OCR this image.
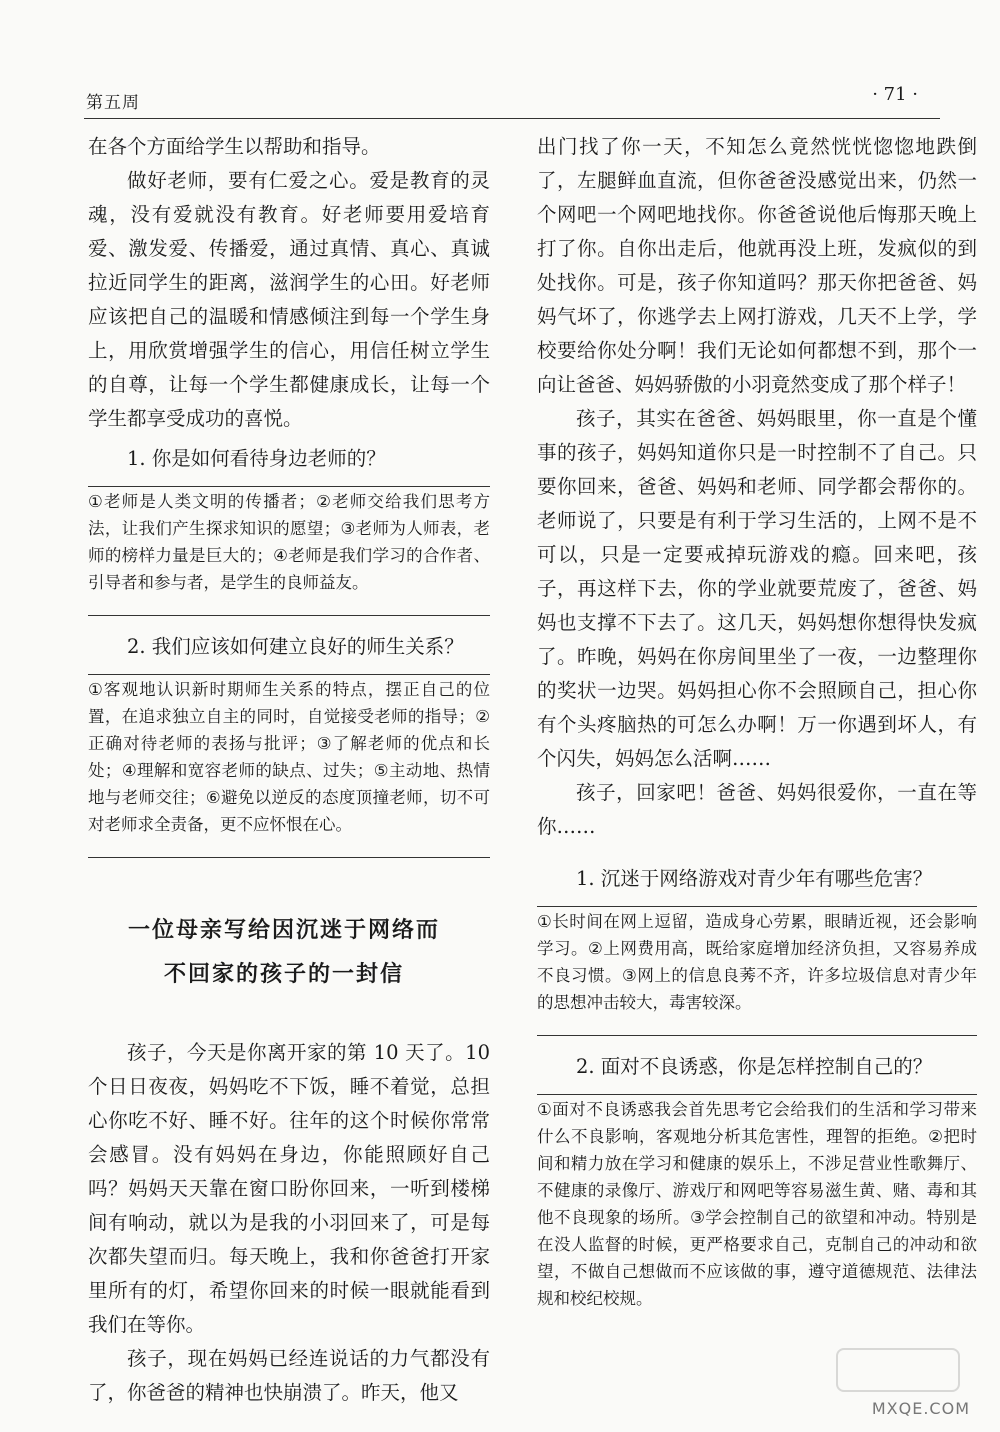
第五周	· 71 ·

在各个方面给学生以帮助和指导。

做好老师，要有仁爱之心。爱是教育的灵魂，没有爱就没有教育。好老师要用爱培育爱、激发爱、传播爱，通过真情、真心、真诚拉近同学生的距离，滋润学生的心田。好老师应该把自己的温暖和情感倾注到每一个学生身上，用欣赏增强学生的信心，用信任树立学生的自尊，让每一个学生都健康成长，让每一个学生都享受成功的喜悦。

1. 你是如何看待身边老师的？

①老师是人类文明的传播者；②老师交给我们思考方法，让我们产生探求知识的愿望；③老师为人师表，老师的榜样力量是巨大的；④老师是我们学习的合作者、引导者和参与者，是学生的良师益友。

2. 我们应该如何建立良好的师生关系？

①客观地认识新时期师生关系的特点，摆正自己的位置，在追求独立自主的同时，自觉接受老师的指导；②正确对待老师的表扬与批评；③了解老师的优点和长处；④理解和宽容老师的缺点、过失；⑤主动地、热情地与老师交往；⑥避免以逆反的态度顶撞老师，切不可对老师求全责备，更不应怀恨在心。

一位母亲写给因沉迷于网络而
不回家的孩子的一封信

孩子，今天是你离开家的第 10 天了。10 个日日夜夜，妈妈吃不下饭，睡不着觉，总担心你吃不好、睡不好。往年的这个时候你常常会感冒。没有妈妈在身边，你能照顾好自己吗？妈妈天天靠在窗口盼你回来，一听到楼梯间有响动，就以为是我的小羽回来了，可是每次都失望而归。每天晚上，我和你爸爸打开家里所有的灯，希望你回来的时候一眼就能看到我们在等你。

孩子，现在妈妈已经连说话的力气都没有了，你爸爸的精神也快崩溃了。昨天，他又

出门找了你一天，不知怎么竟然恍恍惚惚地跌倒了，左腿鲜血直流，但你爸爸没感觉出来，仍然一个网吧一个网吧地找你。你爸爸说他后悔那天晚上打了你。自你出走后，他就再没上班，发疯似的到处找你。可是，孩子你知道吗？那天你把爸爸、妈妈气坏了，你逃学去上网打游戏，几天不上学，学校要给你处分啊！我们无论如何都想不到，那个一向让爸爸、妈妈骄傲的小羽竟然变成了那个样子！

孩子，其实在爸爸、妈妈眼里，你一直是个懂事的孩子，妈妈知道你只是一时控制不了自己。只要你回来，爸爸、妈妈和老师、同学都会帮你的。老师说了，只要是有利于学习生活的，上网不是不可以，只是一定要戒掉玩游戏的瘾。回来吧，孩子，再这样下去，你的学业就要荒废了，爸爸、妈妈也支撑不下去了。这几天，妈妈想你想得快发疯了。昨晚，妈妈在你房间里坐了一夜，一边整理你的奖状一边哭。妈妈担心你不会照顾自己，担心你有个头疼脑热的可怎么办啊！万一你遇到坏人，有个闪失，妈妈怎么活啊……

孩子，回家吧！爸爸、妈妈很爱你，一直在等你……

1. 沉迷于网络游戏对青少年有哪些危害？

①长时间在网上逗留，造成身心劳累，眼睛近视，还会影响学习。②上网费用高，既给家庭增加经济负担，又容易养成不良习惯。③网上的信息良莠不齐，许多垃圾信息对青少年的思想冲击较大，毒害较深。

2. 面对不良诱惑，你是怎样控制自己的？

①面对不良诱惑我会首先思考它会给我们的生活和学习带来什么不良影响，客观地分析其危害性，理智的拒绝。②把时间和精力放在学习和健康的娱乐上，不涉足营业性歌舞厅、不健康的录像厅、游戏厅和网吧等容易滋生黄、赌、毒和其他不良现象的场所。③学会控制自己的欲望和冲动。特别是在没人监督的时候，更严格要求自己，克制自己的冲动和欲望，不做自己想做而不应该做的事，遵守道德规范、法律法规和校纪校规。

MXQE.COM
